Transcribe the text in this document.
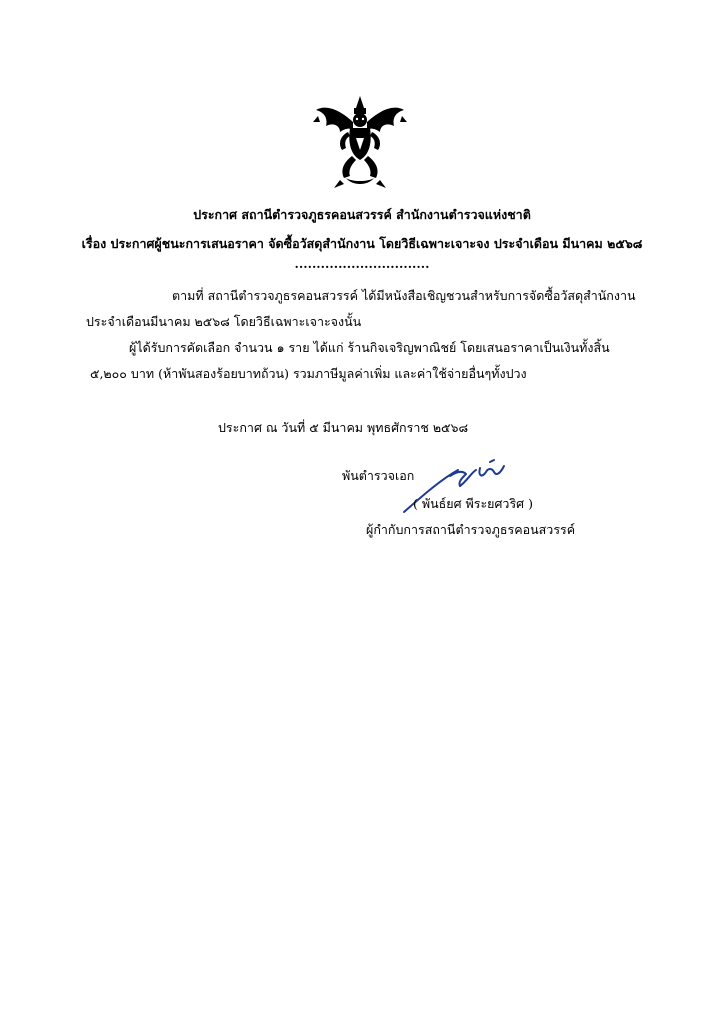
ประกาศ สถานีตำรวจภูธรคอนสวรรค์ สำนักงานตำรวจแห่งชาติ
เรื่อง ประกาศผู้ชนะการเสนอราคา จัดซื้อวัสดุสำนักงาน โดยวิธีเฉพาะเจาะจง ประจำเดือน มีนาคม ๒๕๖๘
...............................
ตามที่ สถานีตำรวจภูธรคอนสวรรค์ ได้มีหนังสือเชิญชวนสำหรับการจัดซื้อวัสดุสำนักงาน
ประจำเดือนมีนาคม ๒๕๖๘ โดยวิธีเฉพาะเจาะจงนั้น
ผู้ได้รับการคัดเลือก จำนวน ๑ ราย ได้แก่ ร้านกิจเจริญพาณิชย์ โดยเสนอราคาเป็นเงินทั้งสิ้น
๕,๒๐๐ บาท (ห้าพันสองร้อยบาทถ้วน) รวมภาษีมูลค่าเพิ่ม และค่าใช้จ่ายอื่นๆทั้งปวง
ประกาศ ณ วันที่ ๕ มีนาคม พุทธศักราช ๒๕๖๘
พันตำรวจเอก
( พันธ์ยศ พีระยศวริศ )
ผู้กำกับการสถานีตำรวจภูธรคอนสวรรค์
